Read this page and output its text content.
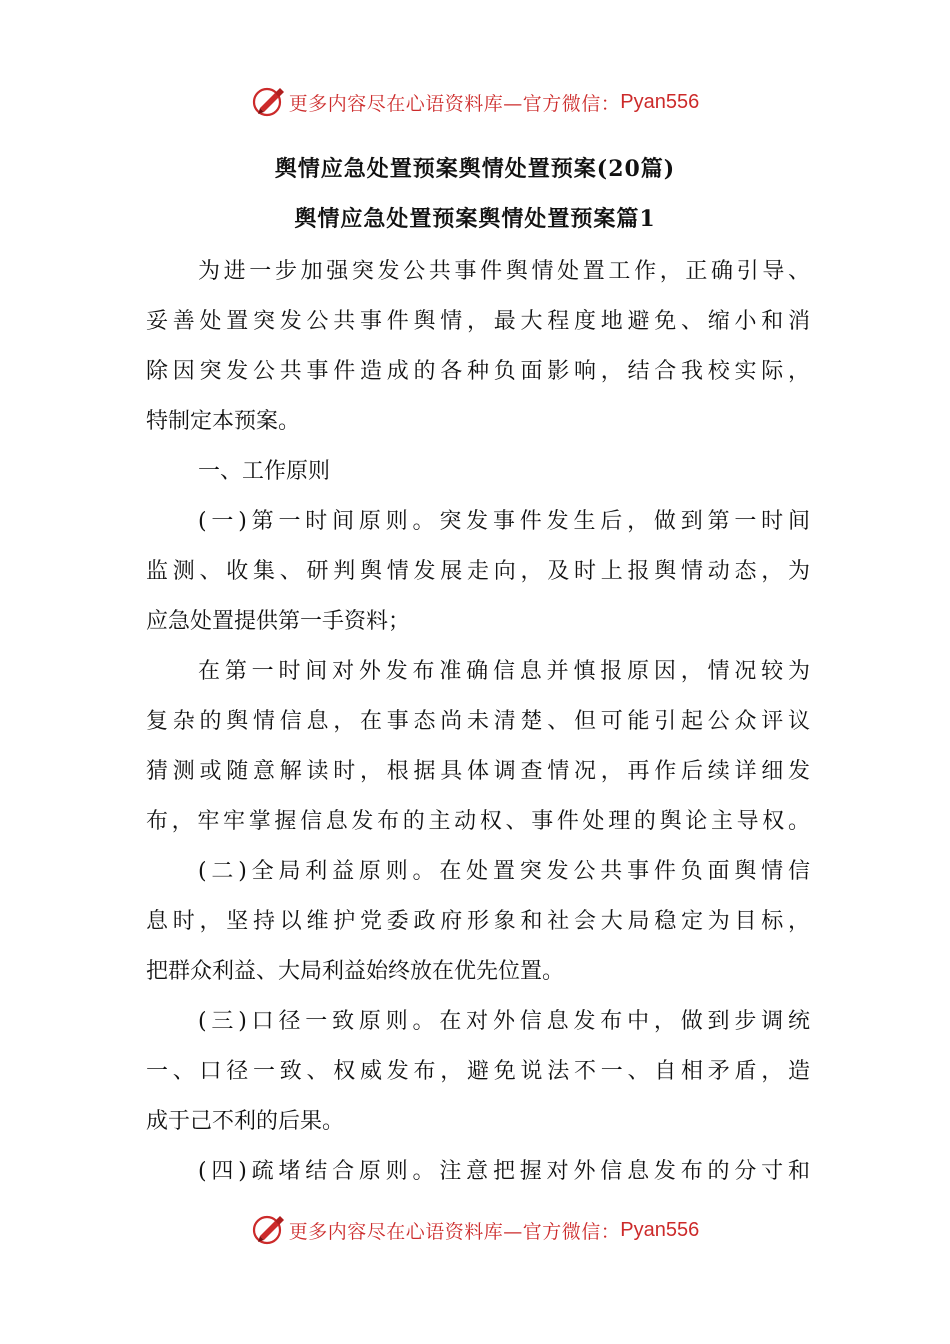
更多内容尽在心语资料库—官方微信： Pyan556
舆情应急处置预案舆情处置预案(20篇)
舆情应急处置预案舆情处置预案篇1
为进一步加强突发公共事件舆情处置工作，正确引导、
妥善处置突发公共事件舆情，最大程度地避免、缩小和消
除因突发公共事件造成的各种负面影响，结合我校实际，
特制定本预案。
一、工作原则
(一)第一时间原则。突发事件发生后，做到第一时间
监测、收集、研判舆情发展走向，及时上报舆情动态，为
应急处置提供第一手资料；
在第一时间对外发布准确信息并慎报原因，情况较为
复杂的舆情信息，在事态尚未清楚、但可能引起公众评议
猜测或随意解读时，根据具体调查情况，再作后续详细发
布，牢牢掌握信息发布的主动权、事件处理的舆论主导权。
(二)全局利益原则。在处置突发公共事件负面舆情信
息时，坚持以维护党委政府形象和社会大局稳定为目标，
把群众利益、大局利益始终放在优先位置。
(三)口径一致原则。在对外信息发布中，做到步调统
一、口径一致、权威发布，避免说法不一、自相矛盾，造
成于己不利的后果。
(四)疏堵结合原则。注意把握对外信息发布的分寸和
更多内容尽在心语资料库—官方微信： Pyan556
